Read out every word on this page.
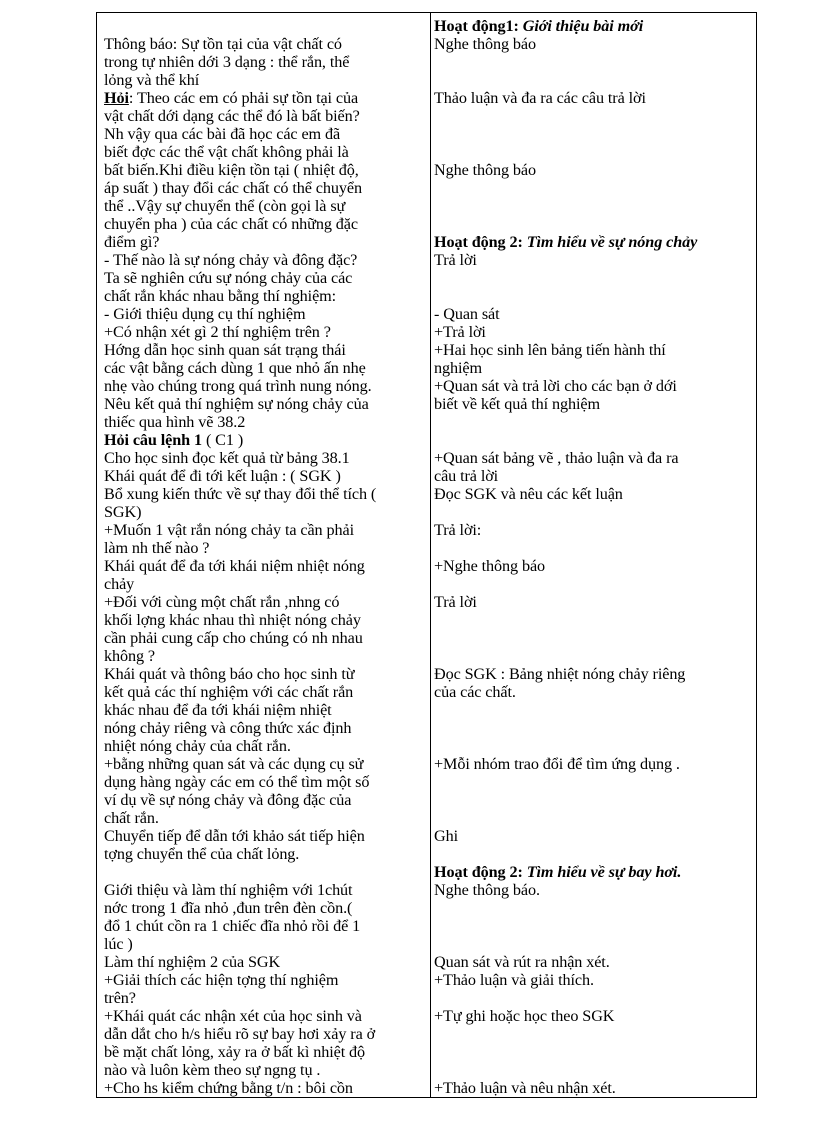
Thông báo: Sự tồn tại của vật chất có
trong tự nhiên dới 3 dạng : thể rắn, thể
lỏng và thể khí
Hỏi: Theo các em có phải sự tồn tại của
vật chất dới dạng các thể đó là bất biến?
Nh vậy qua các bài đã học các em đã
biết đợc các thể vật chất không phải là
bất biến.Khi điều kiện tồn tại ( nhiệt độ,
áp suất ) thay đổi các chất có thể chuyển
thể ..Vậy sự chuyển thể (còn gọi là sự
chuyển pha ) của các chất có những đặc
điểm gì?
- Thế nào là sự nóng chảy và đông đặc?
Ta sẽ nghiên cứu sự nóng chảy của các
chất rắn khác nhau bằng thí nghiệm:
- Giới thiệu dụng cụ thí nghiệm
+Có nhận xét gì 2 thí nghiệm trên ?
Hớng dẫn học sinh quan sát trạng thái
các vật bằng cách dùng 1 que nhỏ ấn nhẹ
nhẹ vào chúng trong quá trình nung nóng.
Nêu kết quả thí nghiệm sự nóng chảy của
thiếc qua hình vẽ 38.2
Hỏi câu lệnh 1 ( C1 )
Cho học sinh đọc kết quả từ bảng 38.1
Khái quát để đi tới kết luận : ( SGK )
Bổ xung kiến thức về sự thay đổi thể tích (
SGK)
+Muốn 1 vật rắn nóng chảy ta cần phải
làm nh thế nào ?
Khái quát để đa tới khái niệm nhiệt nóng
chảy
+Đối với cùng một chất rắn ,nhng có
khối lợng khác nhau thì nhiệt nóng chảy
cần phải cung cấp cho chúng có nh nhau
không ?
Khái quát và thông báo cho học sinh từ
kết quả các thí nghiệm với các chất rắn
khác nhau để đa tới khái niệm nhiệt
nóng chảy riêng và công thức xác định
nhiệt nóng chảy của chất rắn.
+bằng những quan sát và các dụng cụ sử
dụng hàng ngày các em có thể tìm một số
ví dụ về sự nóng chảy và đông đặc của
chất rắn.
Chuyển tiếp để dẫn tới khảo sát tiếp hiện
tợng chuyển thể của chất lỏng.
Giới thiệu và làm thí nghiệm với 1chút
nớc trong 1 đĩa nhỏ ,đun trên đèn cồn.(
đổ 1 chút cồn ra 1 chiếc đĩa nhỏ rồi để 1
lúc )
Làm thí nghiệm 2 của SGK
+Giải thích các hiện tợng thí nghiệm
trên?
+Khái quát các nhận xét của học sinh và
dẫn dắt cho h/s hiểu rõ sự bay hơi xảy ra ở
bề mặt chất lỏng, xảy ra ở bất kì nhiệt độ
nào và luôn kèm theo sự ngng tụ .
+Cho hs kiểm chứng bằng t/n : bôi cồn
Hoạt động1: Giới thiệu bài mới
Nghe thông báo
Thảo luận và đa ra các câu trả lời
Nghe thông báo
Hoạt động 2: Tìm hiểu về sự nóng chảy
Trả lời
- Quan sát
+Trả lời
+Hai học sinh lên bảng tiến hành thí
nghiệm
+Quan sát và trả lời cho các bạn ở dới
biết về kết quả thí nghiệm
+Quan sát bảng vẽ , thảo luận và đa ra
câu trả lời
Đọc SGK và nêu các kết luận
Trả lời:
+Nghe thông báo
Trả lời
Đọc SGK : Bảng nhiệt nóng chảy riêng
của các chất.
+Mỗi nhóm trao đổi để tìm ứng dụng .
Ghi
Hoạt động 2: Tìm hiểu về sự bay hơi.
Nghe thông báo.
Quan sát và rút ra nhận xét.
+Thảo luận và giải thích.
+Tự ghi hoặc học theo SGK
+Thảo luận và nêu nhận xét.
